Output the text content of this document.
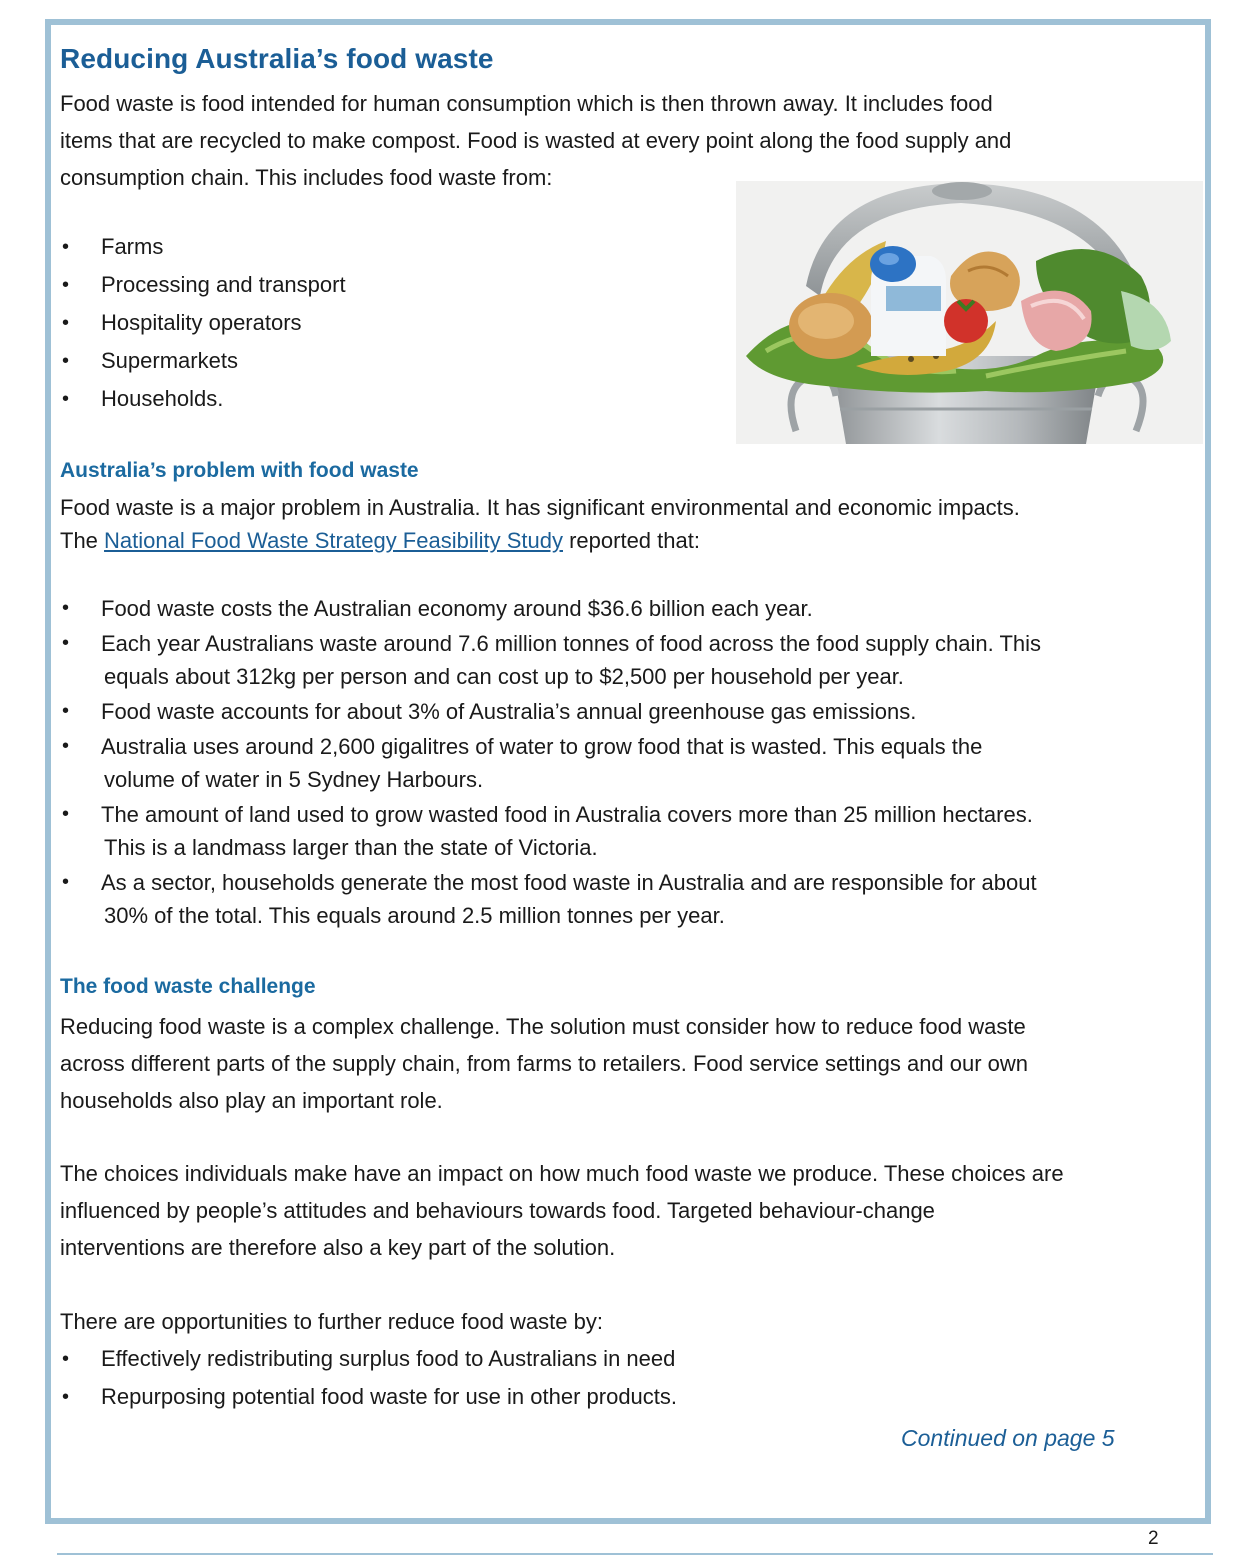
Reducing Australia’s food waste
Food waste is food intended for human consumption which is then thrown away. It includes food
items that are recycled to make compost. Food is wasted at every point along the food supply and
consumption chain. This includes food waste from:
• Farms
• Processing and transport
• Hospitality operators
• Supermarkets
• Households.
Australia’s problem with food waste
Food waste is a major problem in Australia. It has significant environmental and economic impacts.
The National Food Waste Strategy Feasibility Study reported that:
• Food waste costs the Australian economy around $36.6 billion each year.
• Each year Australians waste around 7.6 million tonnes of food across the food supply chain. This
equals about 312kg per person and can cost up to $2,500 per household per year.
• Food waste accounts for about 3% of Australia’s annual greenhouse gas emissions.
• Australia uses around 2,600 gigalitres of water to grow food that is wasted. This equals the
volume of water in 5 Sydney Harbours.
• The amount of land used to grow wasted food in Australia covers more than 25 million hectares.
This is a landmass larger than the state of Victoria.
• As a sector, households generate the most food waste in Australia and are responsible for about
30% of the total. This equals around 2.5 million tonnes per year.
The food waste challenge
Reducing food waste is a complex challenge. The solution must consider how to reduce food waste
across different parts of the supply chain, from farms to retailers. Food service settings and our own
households also play an important role.
The choices individuals make have an impact on how much food waste we produce. These choices are
influenced by people’s attitudes and behaviours towards food. Targeted behaviour-change
interventions are therefore also a key part of the solution.
There are opportunities to further reduce food waste by:
• Effectively redistributing surplus food to Australians in need
• Repurposing potential food waste for use in other products.
Continued on page 5
2
